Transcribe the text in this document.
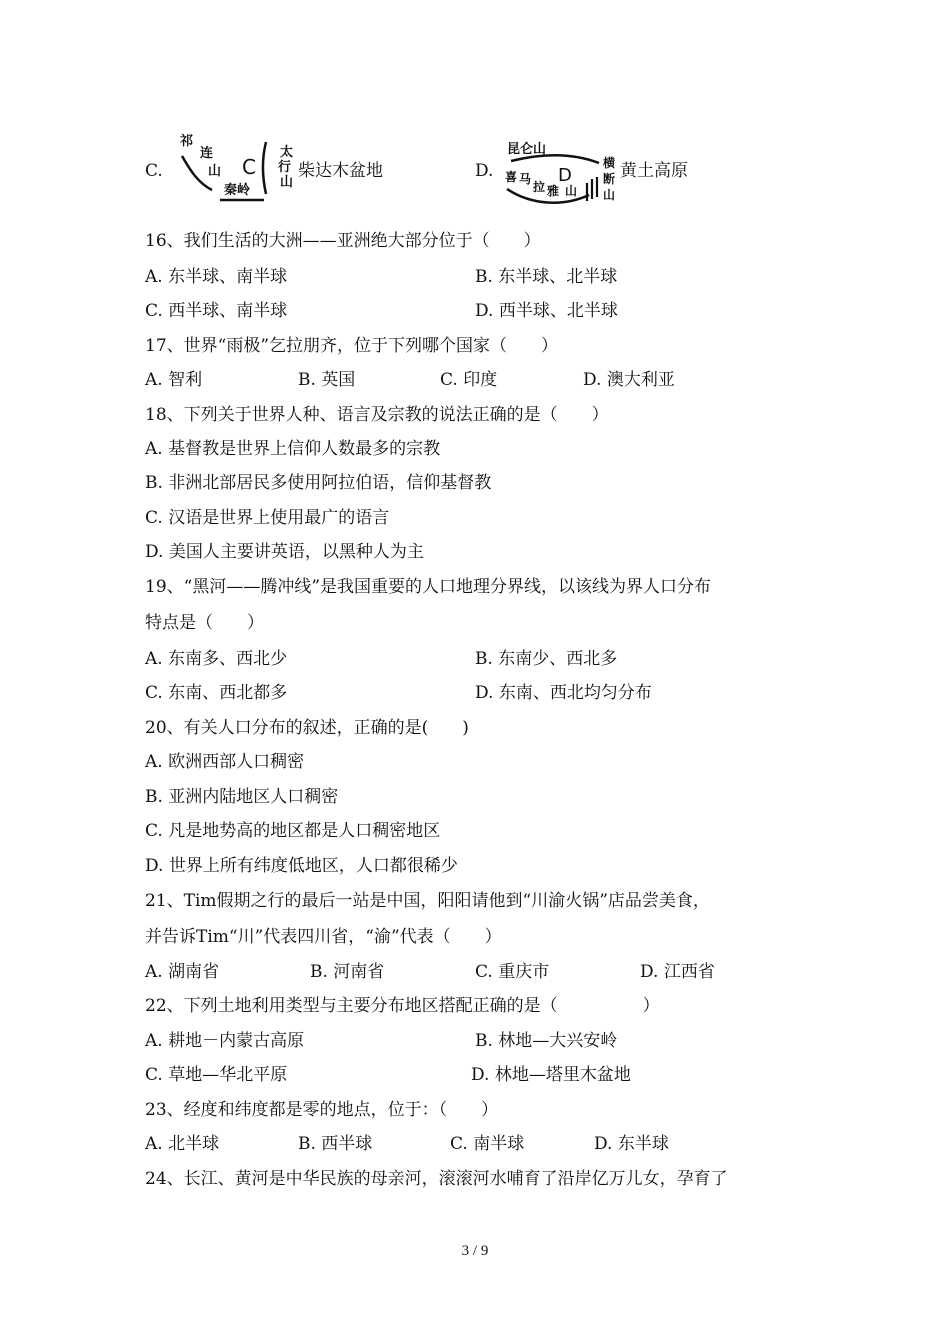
C.
祁
连
山 C
秦岭
太
行
山
柴达木盆地	D.
昆仑山
D
喜 马
拉 雅 山
横
断
山
黄土高原
16、我们生活的大洲——亚洲绝大部分位于（　　）
A. 东半球、南半球	B. 东半球、北半球
C. 西半球、南半球	D. 西半球、北半球
17、世界“雨极”乞拉朋齐，位于下列哪个国家（　　）
A. 智利	B. 英国	C. 印度	D. 澳大利亚
18、下列关于世界人种、语言及宗教的说法正确的是（　　）
A. 基督教是世界上信仰人数最多的宗教
B. 非洲北部居民多使用阿拉伯语，信仰基督教
C. 汉语是世界上使用最广的语言
D. 美国人主要讲英语，以黑种人为主
19、“黑河——腾冲线”是我国重要的人口地理分界线，以该线为界人口分布
特点是（　　）
A. 东南多、西北少	B. 东南少、西北多
C. 东南、西北都多	D. 东南、西北均匀分布
20、有关人口分布的叙述，正确的是(　　)
A. 欧洲西部人口稠密
B. 亚洲内陆地区人口稠密
C. 凡是地势高的地区都是人口稠密地区
D. 世界上所有纬度低地区，人口都很稀少
21、Tim假期之行的最后一站是中国，阳阳请他到“川渝火锅”店品尝美食，
并告诉Tim“川”代表四川省，“渝”代表（　　）
A. 湖南省	B. 河南省	C. 重庆市	D. 江西省
22、下列土地利用类型与主要分布地区搭配正确的是（　　　　　）
A. 耕地－内蒙古高原	B. 林地—大兴安岭
C. 草地—华北平原	D. 林地—塔里木盆地
23、经度和纬度都是零的地点，位于：（　　）
A. 北半球	B. 西半球	C. 南半球	D. 东半球
24、长江、黄河是中华民族的母亲河，滚滚河水哺育了沿岸亿万儿女，孕育了
3 / 9
